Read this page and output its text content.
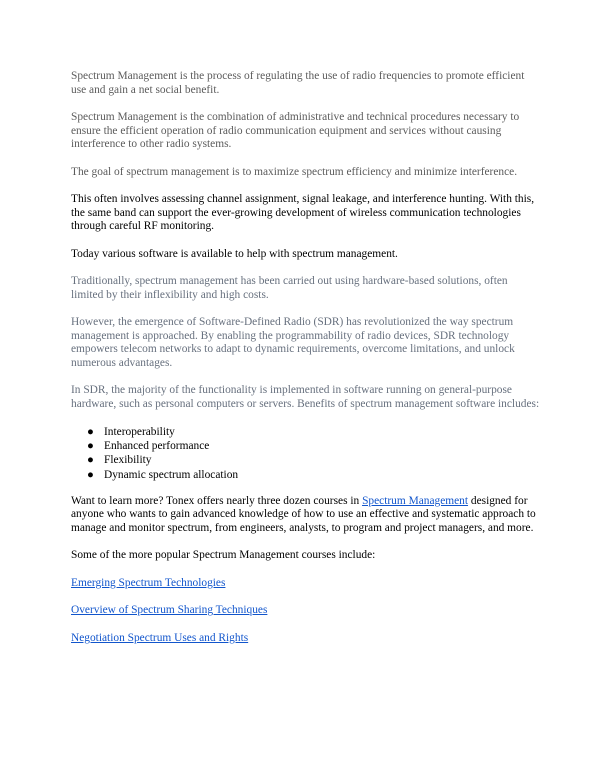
Spectrum Management is the process of regulating the use of radio frequencies to promote efficient use and gain a net social benefit.

Spectrum Management is the combination of administrative and technical procedures necessary to ensure the efficient operation of radio communication equipment and services without causing interference to other radio systems.

The goal of spectrum management is to maximize spectrum efficiency and minimize interference.

This often involves assessing channel assignment, signal leakage, and interference hunting. With this, the same band can support the ever-growing development of wireless communication technologies through careful RF monitoring.

Today various software is available to help with spectrum management.

Traditionally, spectrum management has been carried out using hardware-based solutions, often limited by their inflexibility and high costs.

However, the emergence of Software-Defined Radio (SDR) has revolutionized the way spectrum management is approached. By enabling the programmability of radio devices, SDR technology empowers telecom networks to adapt to dynamic requirements, overcome limitations, and unlock numerous advantages.

In SDR, the majority of the functionality is implemented in software running on general-purpose hardware, such as personal computers or servers. Benefits of spectrum management software includes:

● Interoperability
● Enhanced performance
● Flexibility
● Dynamic spectrum allocation

Want to learn more? Tonex offers nearly three dozen courses in Spectrum Management designed for anyone who wants to gain advanced knowledge of how to use an effective and systematic approach to manage and monitor spectrum, from engineers, analysts, to program and project managers, and more.

Some of the more popular Spectrum Management courses include:

Emerging Spectrum Technologies

Overview of Spectrum Sharing Techniques

Negotiation Spectrum Uses and Rights
